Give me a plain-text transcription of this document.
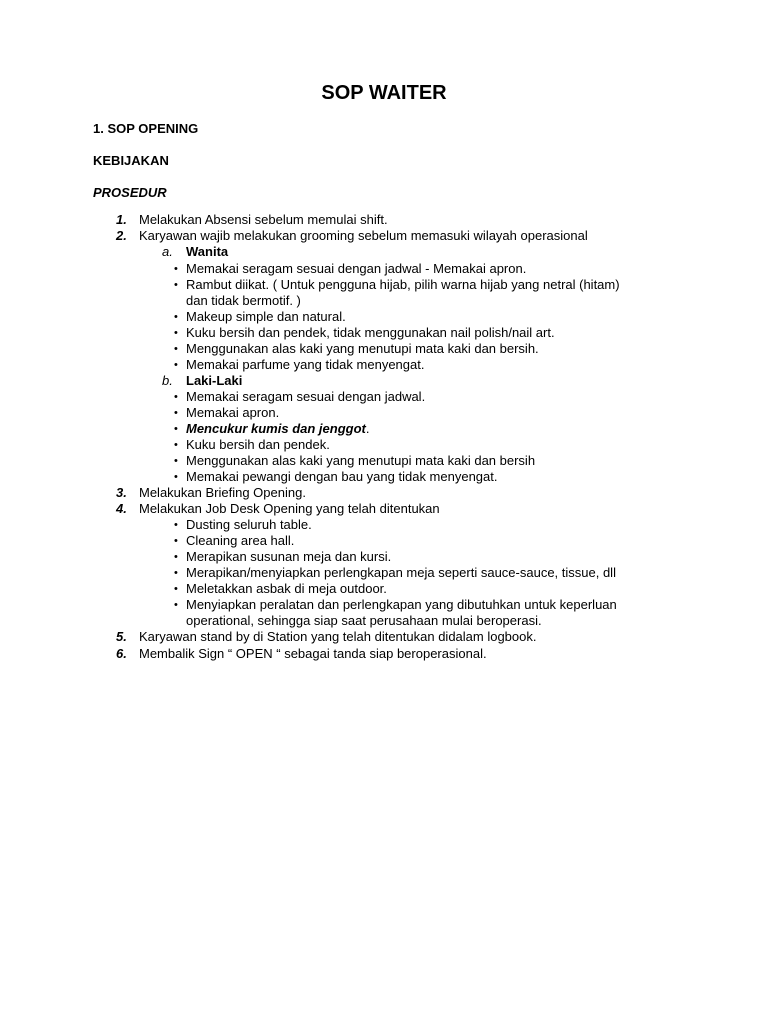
SOP WAITER
1. SOP OPENING
KEBIJAKAN
PROSEDUR
1. Melakukan Absensi sebelum memulai shift.
2. Karyawan wajib melakukan grooming sebelum memasuki wilayah operasional
a. Wanita
• Memakai seragam sesuai dengan jadwal - Memakai apron.
• Rambut diikat. ( Untuk pengguna hijab, pilih warna hijab yang netral (hitam)
dan tidak bermotif. )
• Makeup simple dan natural.
• Kuku bersih dan pendek, tidak menggunakan nail polish/nail art.
• Menggunakan alas kaki yang menutupi mata kaki dan bersih.
• Memakai parfume yang tidak menyengat.
b. Laki-Laki
• Memakai seragam sesuai dengan jadwal.
• Memakai apron.
• Mencukur kumis dan jenggot.
• Kuku bersih dan pendek.
• Menggunakan alas kaki yang menutupi mata kaki dan bersih
• Memakai pewangi dengan bau yang tidak menyengat.
3. Melakukan Briefing Opening.
4. Melakukan Job Desk Opening yang telah ditentukan
• Dusting seluruh table.
• Cleaning area hall.
• Merapikan susunan meja dan kursi.
• Merapikan/menyiapkan perlengkapan meja seperti sauce-sauce, tissue, dll
• Meletakkan asbak di meja outdoor.
• Menyiapkan peralatan dan perlengkapan yang dibutuhkan untuk keperluan
operational, sehingga siap saat perusahaan mulai beroperasi.
5. Karyawan stand by di Station yang telah ditentukan didalam logbook.
6. Membalik Sign “ OPEN “ sebagai tanda siap beroperasional.
